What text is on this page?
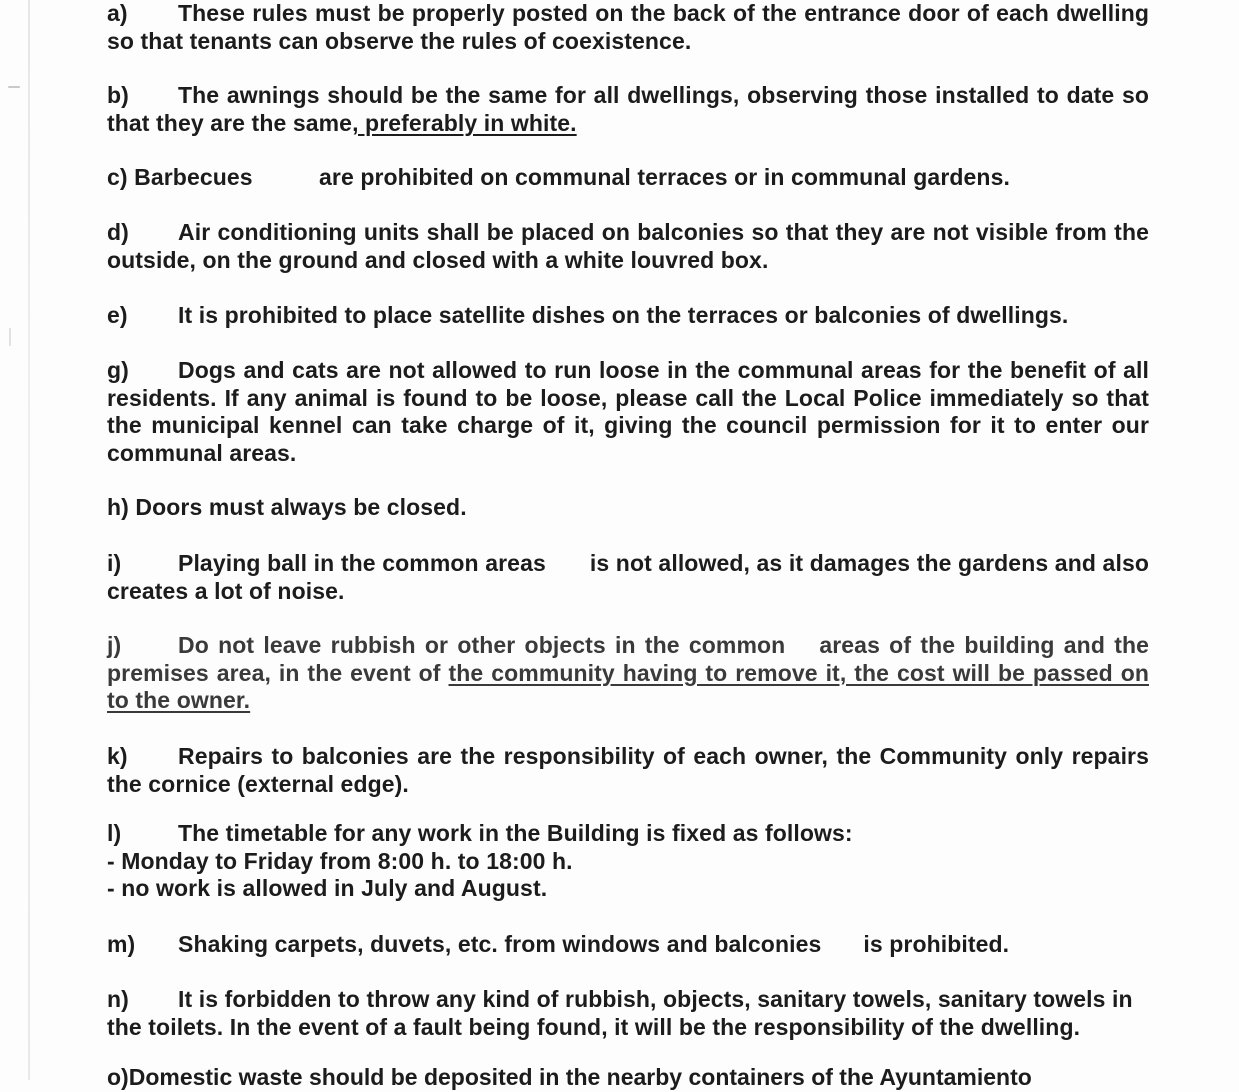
a) These rules must be properly posted on the back of the entrance door of each dwelling so that tenants can observe the rules of coexistence.
b) The awnings should be the same for all dwellings, observing those installed to date so that they are the same, preferably in white.
c) Barbecues	are prohibited on communal terraces or in communal gardens.
d) Air conditioning units shall be placed on balconies so that they are not visible from the outside, on the ground and closed with a white louvred box.
e) It is prohibited to place satellite dishes on the terraces or balconies of dwellings.
g) Dogs and cats are not allowed to run loose in the communal areas for the benefit of all residents. If any animal is found to be loose, please call the Local Police immediately so that the municipal kennel can take charge of it, giving the council permission for it to enter our communal areas.
h) Doors must always be closed.
i) Playing ball in the common areas is not allowed, as it damages the gardens and also creates a lot of noise.
j) Do not leave rubbish or other objects in the common areas of the building and the premises area, in the event of the community having to remove it, the cost will be passed on to the owner.
k) Repairs to balconies are the responsibility of each owner, the Community only repairs the cornice (external edge).
l) The timetable for any work in the Building is fixed as follows:
- Monday to Friday from 8:00 h. to 18:00 h.
- no work is allowed in July and August.
m) Shaking carpets, duvets, etc. from windows and balconies is prohibited.
n) It is forbidden to throw any kind of rubbish, objects, sanitary towels, sanitary towels in the toilets. In the event of a fault being found, it will be the responsibility of the dwelling.
o)Domestic waste should be deposited in the nearby containers of the Ayuntamiento
